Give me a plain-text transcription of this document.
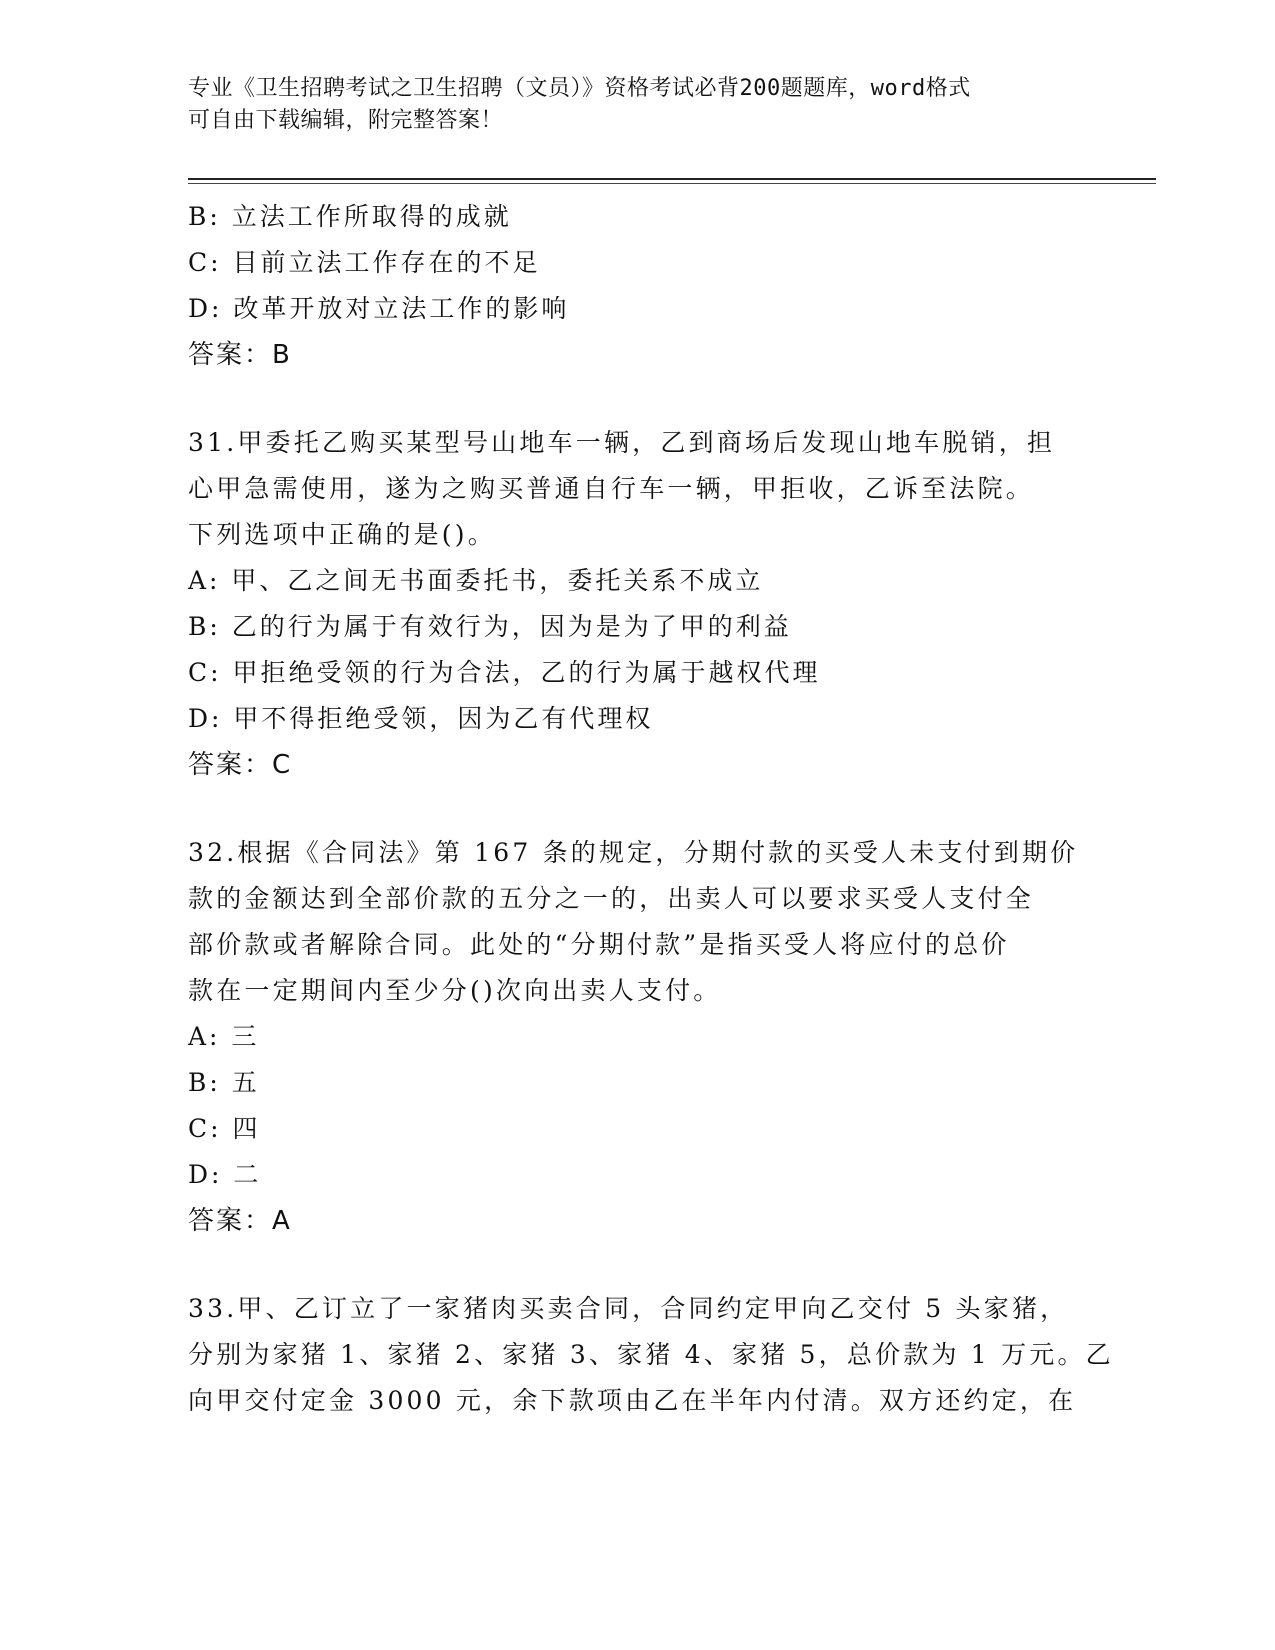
专业《卫生招聘考试之卫生招聘（文员）》资格考试必背200题题库，word格式
可自由下载编辑，附完整答案！
B: 立法工作所取得的成就
C: 目前立法工作存在的不足
D: 改革开放对立法工作的影响
答案：B
31.甲委托乙购买某型号山地车一辆，乙到商场后发现山地车脱销，担
心甲急需使用，遂为之购买普通自行车一辆，甲拒收，乙诉至法院。
下列选项中正确的是()。
A: 甲、乙之间无书面委托书，委托关系不成立
B: 乙的行为属于有效行为，因为是为了甲的利益
C: 甲拒绝受领的行为合法，乙的行为属于越权代理
D: 甲不得拒绝受领，因为乙有代理权
答案：C
32.根据《合同法》第 167 条的规定，分期付款的买受人未支付到期价
款的金额达到全部价款的五分之一的，出卖人可以要求买受人支付全
部价款或者解除合同。此处的“分期付款”是指买受人将应付的总价
款在一定期间内至少分()次向出卖人支付。
A: 三
B: 五
C: 四
D: 二
答案：A
33.甲、乙订立了一家猪肉买卖合同，合同约定甲向乙交付 5 头家猪，
分别为家猪 1、家猪 2、家猪 3、家猪 4、家猪 5，总价款为 1 万元。乙
向甲交付定金 3000 元，余下款项由乙在半年内付清。双方还约定，在
